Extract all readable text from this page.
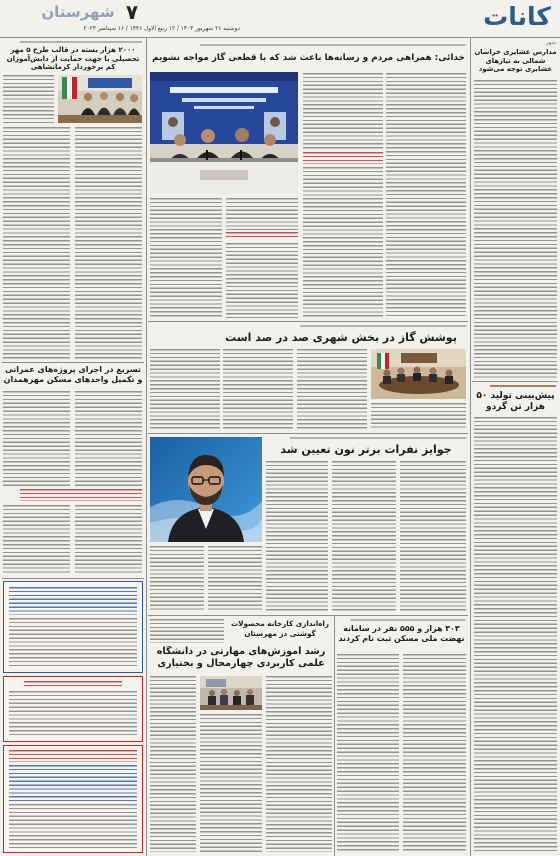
۷
شهرستان
دوشنبه ۲۶ شهریور ۱۴۰۳ / ۱۲ ربیع الاول ۱۴۴۶ / ۱۶ سپتامبر ۲۰۲۴	کانات
شهر
مدارس عشایری خراسان شمالی به نیازهای عشایری توجه می‌شود
پیش‌بینی تولید ۵۰ هزار تن گردو
خدائی: همراهی مردم و رسانه‌ها باعث شد که با قطعی گاز مواجه نشویم
پوشش گاز در بخش شهری صد در صد است
جوایز نفرات برتر نون تعیین شد
۳۰۳ هزار و ۵۵۵ نفر در سامانه نهضت ملی مسکن ثبت نام کردند
راه‌اندازی کارخانه محصولات گوشتی در مهرستان
رشد آموزش‌های مهارتی در دانشگاه علمی کاربردی چهارمحال و بختیاری
۲۰۰۰ هزار بسته در قالب طرح ۵ مهر تحصیلی با جهت حمایت از دانش‌آموزان کم برخوردار کرمانشاهی
تسریع در اجرای پروژه‌های عمرانی و تکمیل واحدهای مسکن مهرهمدان
